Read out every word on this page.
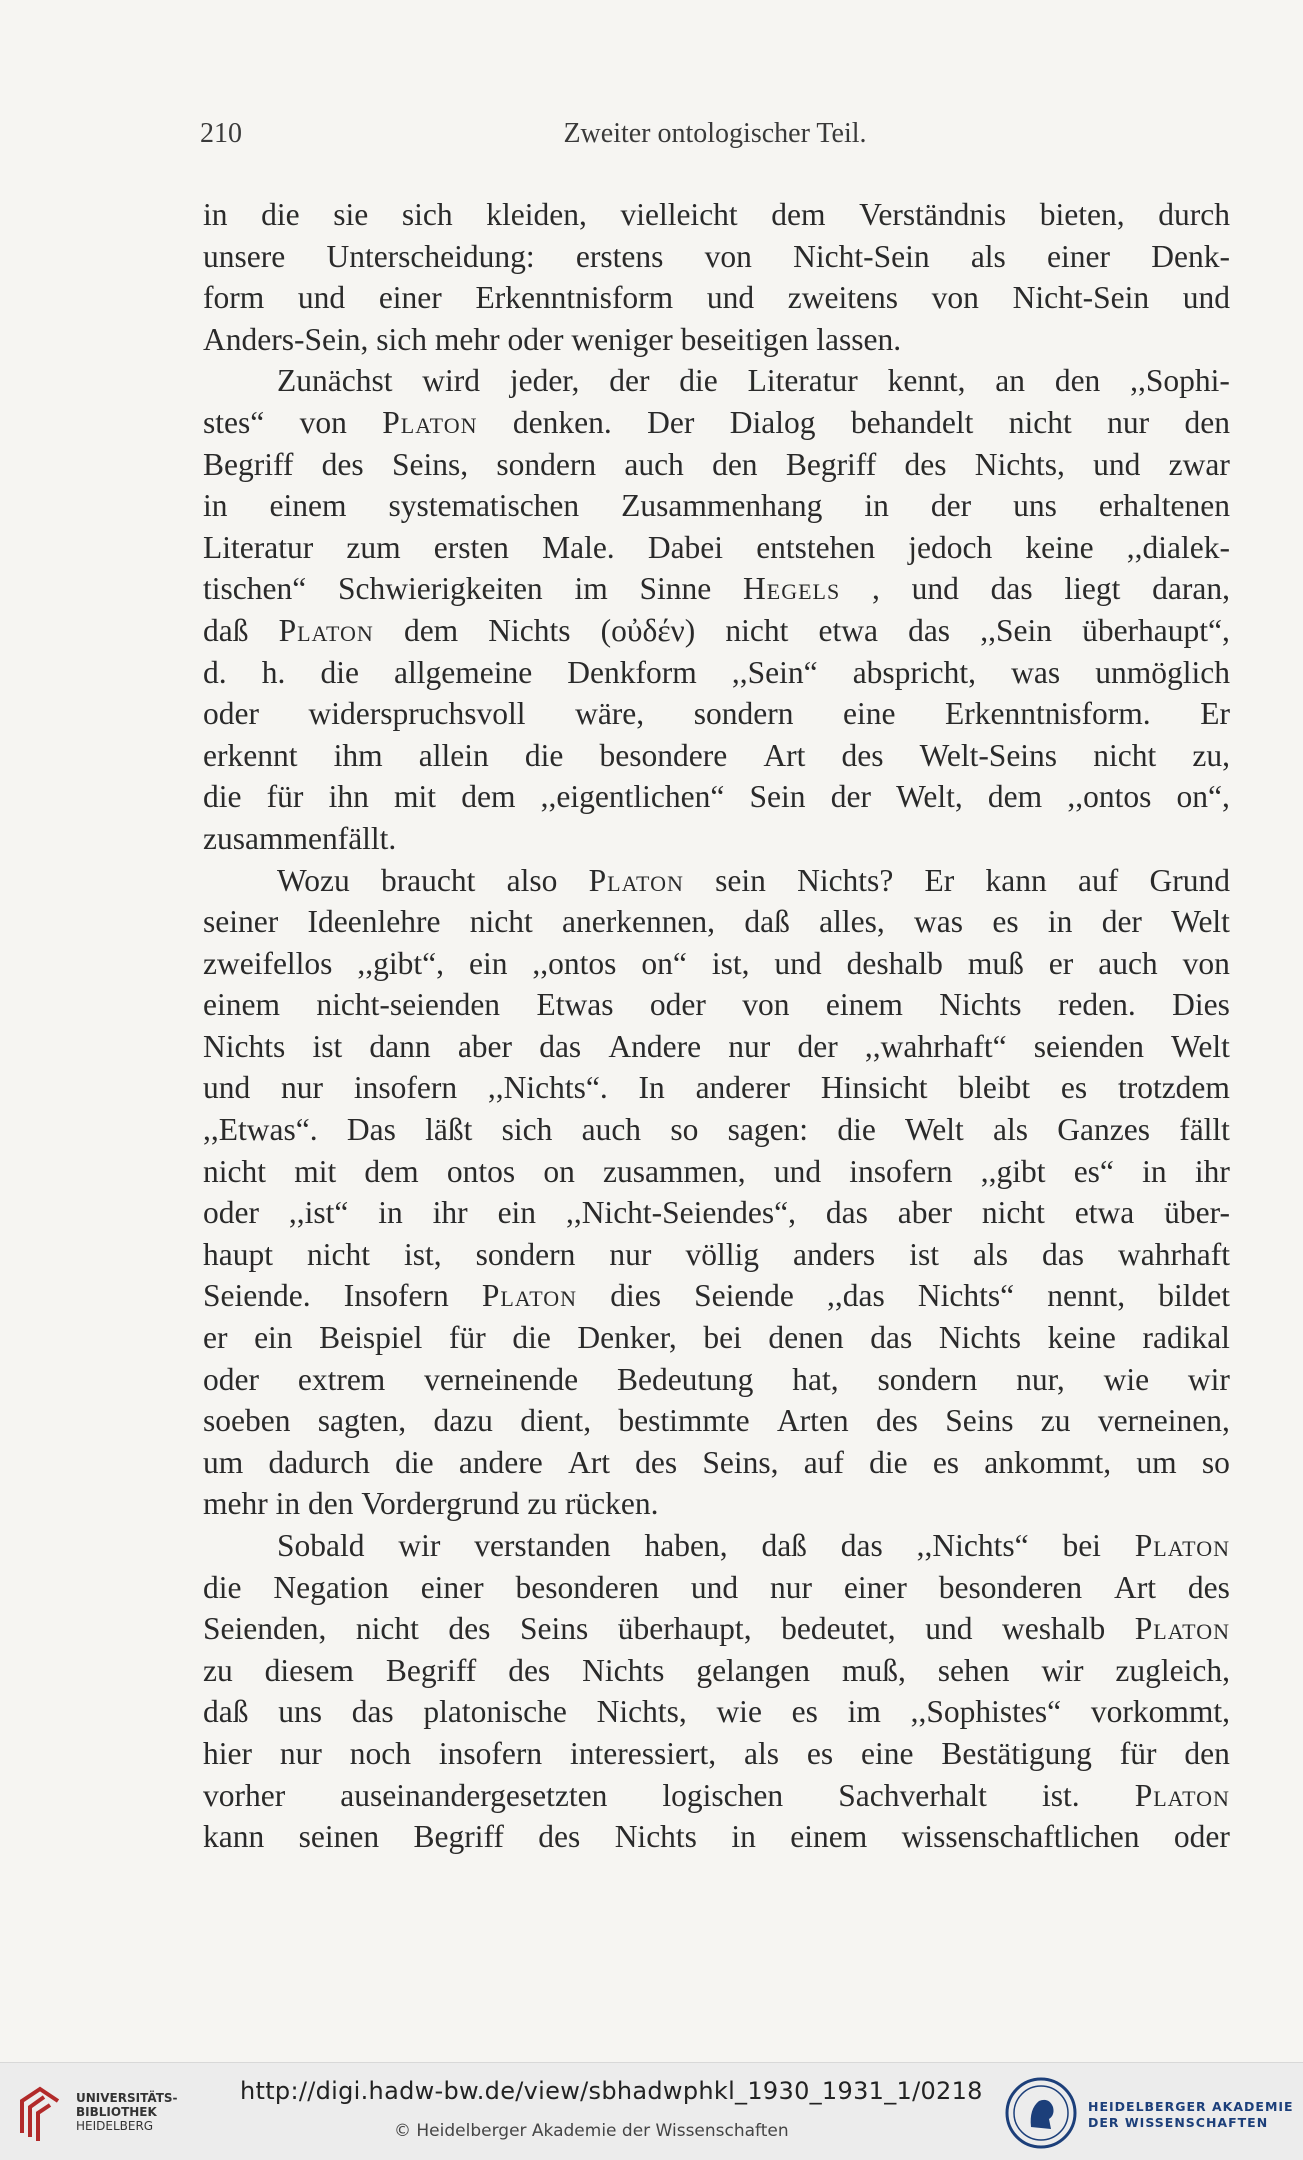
210	Zweiter ontologischer Teil.
in die sie sich kleiden, vielleicht dem Verständnis bieten, durch
unsere Unterscheidung: erstens von Nicht-Sein als einer Denk-
form und einer Erkenntnisform und zweitens von Nicht-Sein und
Anders-Sein,
sich
mehr
oder
weniger
beseitigen
lassen.
Zunächst wird jeder, der die Literatur kennt, an den ,,Sophi-
stes“ von Platon denken. Der Dialog behandelt nicht nur den
Begriff des Seins, sondern auch den Begriff des Nichts, und zwar
in einem systematischen Zusammenhang in der uns erhaltenen
Literatur zum ersten Male. Dabei entstehen jedoch keine ,,dialek-
tischen“ Schwierigkeiten im Sinne Hegels , und das liegt daran,
daß Platon dem Nichts (οὐδέν) nicht etwa das ,,Sein überhaupt“,
d. h. die allgemeine Denkform ,,Sein“ abspricht, was unmöglich
oder widerspruchsvoll wäre, sondern eine Erkenntnisform. Er
erkennt ihm allein die besondere Art des Welt-Seins nicht zu,
die für ihn mit dem ,,eigentlichen“ Sein der Welt, dem ,,ontos on“,
zusammenfällt.
Wozu braucht also Platon sein Nichts? Er kann auf Grund
seiner Ideenlehre nicht anerkennen, daß alles, was es in der Welt
zweifellos ,,gibt“, ein ,,ontos on“ ist, und deshalb muß er auch von
einem nicht-seienden Etwas oder von einem Nichts reden. Dies
Nichts ist dann aber das Andere nur der ,,wahrhaft“ seienden Welt
und nur insofern ,,Nichts“. In anderer Hinsicht bleibt es trotzdem
,,Etwas“. Das läßt sich auch so sagen: die Welt als Ganzes fällt
nicht mit dem ontos on zusammen, und insofern ,,gibt es“ in ihr
oder ,,ist“ in ihr ein ,,Nicht-Seiendes“, das aber nicht etwa über-
haupt nicht ist, sondern nur völlig anders ist als das wahrhaft
Seiende. Insofern Platon dies Seiende ,,das Nichts“ nennt, bildet
er ein Beispiel für die Denker, bei denen das Nichts keine radikal
oder extrem verneinende Bedeutung hat, sondern nur, wie wir
soeben sagten, dazu dient, bestimmte Arten des Seins zu verneinen,
um dadurch die andere Art des Seins, auf die es ankommt, um so
mehr
in
den
Vordergrund
zu
rücken.
Sobald wir verstanden haben, daß das ,,Nichts“ bei Platon
die Negation einer besonderen und nur einer besonderen Art des
Seienden, nicht des Seins überhaupt, bedeutet, und weshalb Platon
zu diesem Begriff des Nichts gelangen muß, sehen wir zugleich,
daß uns das platonische Nichts, wie es im ,,Sophistes“ vorkommt,
hier nur noch insofern interessiert, als es eine Bestätigung für den
vorher auseinandergesetzten logischen Sachverhalt ist. Platon
kann seinen Begriff des Nichts in einem wissenschaftlichen oder
UNIVERSITÄTS-
BIBLIOTHEK
HEIDELBERG
http://digi.hadw-bw.de/view/sbhadwphkl_1930_1931_1/0218
© Heidelberger Akademie der Wissenschaften
HEIDELBERGER AKADEMIE
DER WISSENSCHAFTEN
